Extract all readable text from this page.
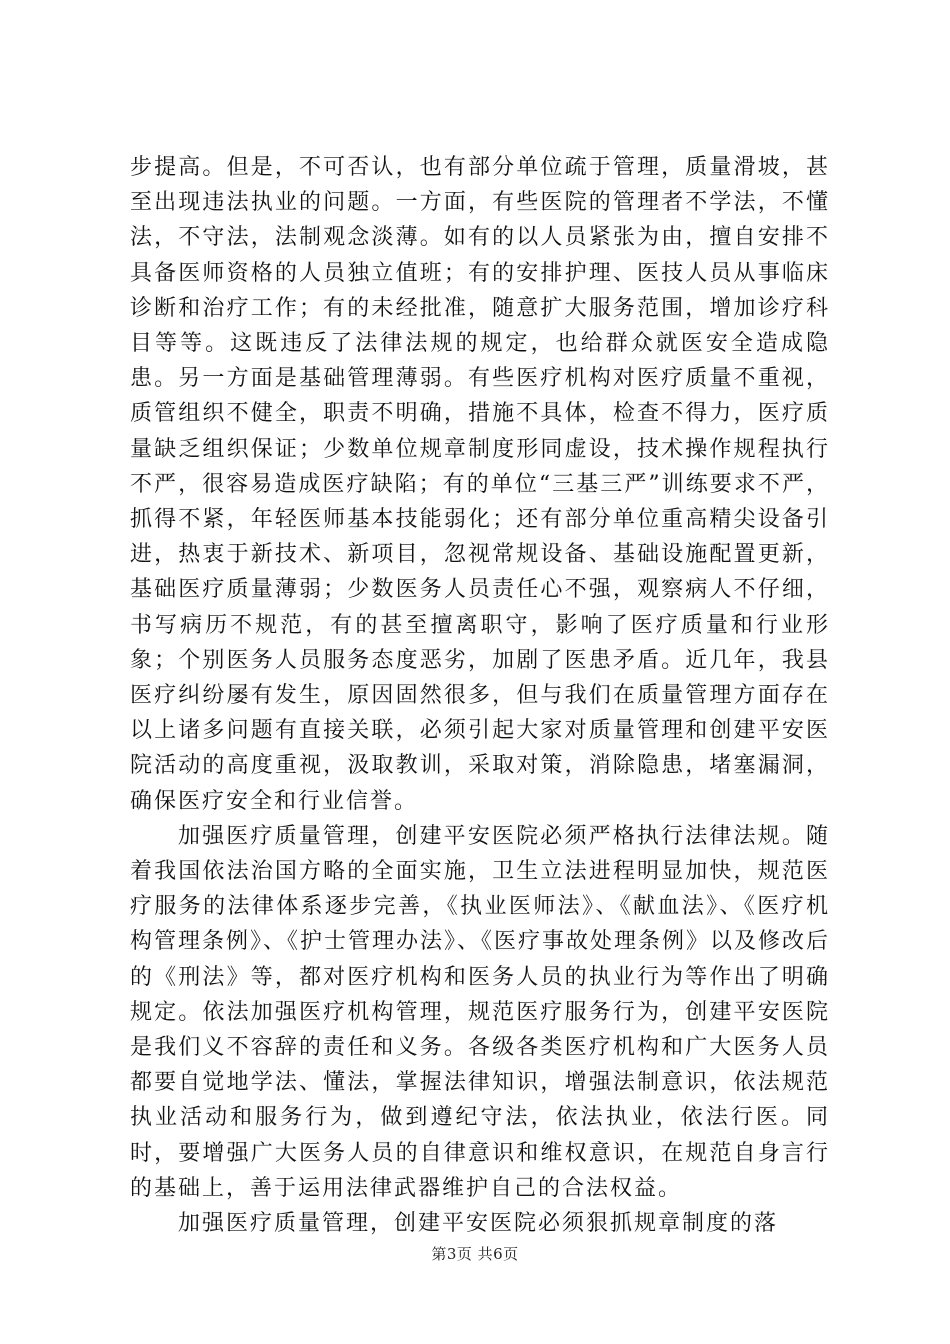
步提高。但是，不可否认，也有部分单位疏于管理，质量滑坡，甚至出现违法执业的问题。一方面，有些医院的管理者不学法，不懂法，不守法，法制观念淡薄。如有的以人员紧张为由，擅自安排不具备医师资格的人员独立值班；有的安排护理、医技人员从事临床诊断和治疗工作；有的未经批准，随意扩大服务范围，增加诊疗科目等等。这既违反了法律法规的规定，也给群众就医安全造成隐患。另一方面是基础管理薄弱。有些医疗机构对医疗质量不重视，质管组织不健全，职责不明确，措施不具体，检查不得力，医疗质量缺乏组织保证；少数单位规章制度形同虚设，技术操作规程执行不严，很容易造成医疗缺陷；有的单位“三基三严”训练要求不严，抓得不紧，年轻医师基本技能弱化；还有部分单位重高精尖设备引进，热衷于新技术、新项目，忽视常规设备、基础设施配置更新，基础医疗质量薄弱；少数医务人员责任心不强，观察病人不仔细，书写病历不规范，有的甚至擅离职守，影响了医疗质量和行业形象；个别医务人员服务态度恶劣，加剧了医患矛盾。近几年，我县医疗纠纷屡有发生，原因固然很多，但与我们在质量管理方面存在以上诸多问题有直接关联，必须引起大家对质量管理和创建平安医院活动的高度重视，汲取教训，采取对策，消除隐患，堵塞漏洞，确保医疗安全和行业信誉。

加强医疗质量管理，创建平安医院必须严格执行法律法规。随着我国依法治国方略的全面实施，卫生立法进程明显加快，规范医疗服务的法律体系逐步完善，《执业医师法》、《献血法》、《医疗机构管理条例》、《护士管理办法》、《医疗事故处理条例》以及修改后的《刑法》等，都对医疗机构和医务人员的执业行为等作出了明确规定。依法加强医疗机构管理，规范医疗服务行为，创建平安医院是我们义不容辞的责任和义务。各级各类医疗机构和广大医务人员都要自觉地学法、懂法，掌握法律知识，增强法制意识，依法规范执业活动和服务行为，做到遵纪守法，依法执业，依法行医。同时，要增强广大医务人员的自律意识和维权意识，在规范自身言行的基础上，善于运用法律武器维护自己的合法权益。

加强医疗质量管理，创建平安医院必须狠抓规章制度的落

第3页 共6页
